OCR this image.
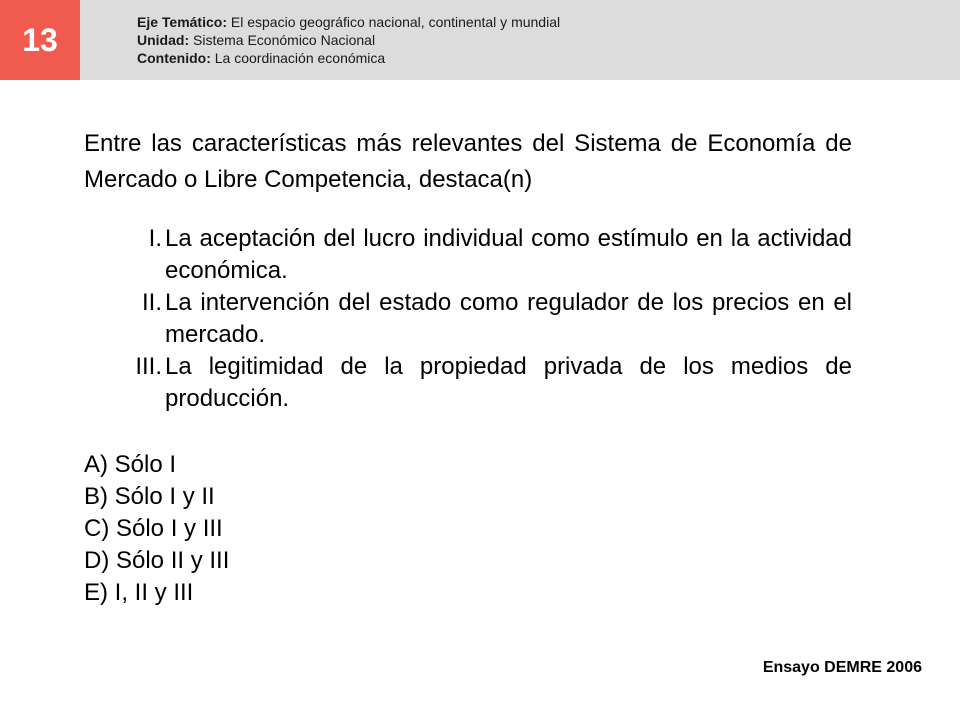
13	Eje Temático: El espacio geográfico nacional, continental y mundial
Unidad: Sistema Económico Nacional
Contenido: La coordinación económica
Entre las características más relevantes del Sistema de Economía de Mercado o Libre Competencia, destaca(n)
I. La aceptación del lucro individual como estímulo en la actividad económica.
II. La intervención del estado como regulador de los precios en el mercado.
III. La legitimidad de la propiedad privada de los medios de producción.
A) Sólo I
B) Sólo I y II
C) Sólo I y III
D) Sólo II y III
E) I, II y III
Ensayo DEMRE 2006
